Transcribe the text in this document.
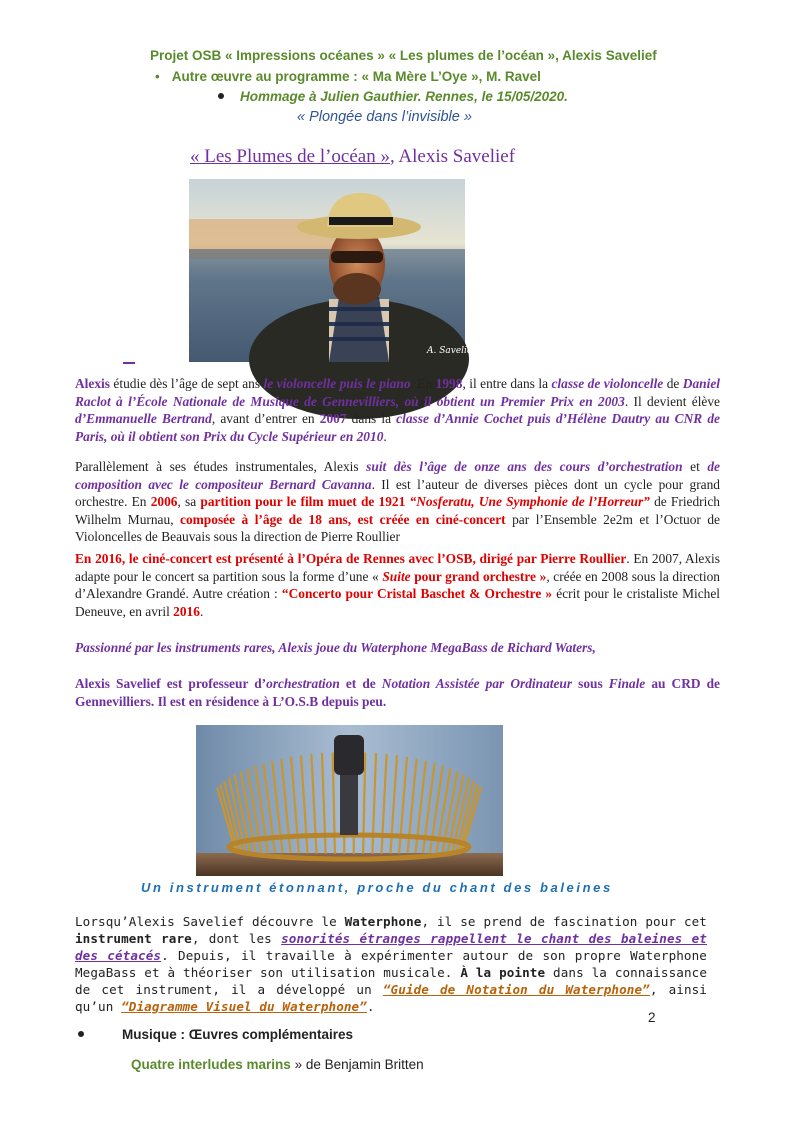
Projet OSB « Impressions océanes » « Les plumes de l’océan », Alexis Savelief
• Autre œuvre au programme : « Ma Mère L’Oye », M. Ravel
Hommage à Julien Gauthier. Rennes, le 15/05/2020.
« Plongée dans l’invisible »
« Les Plumes de l’océan », Alexis Savelief
A. Savelief
Alexis étudie dès l’âge de sept ans le violoncelle puis le piano. En 1998, il entre dans la classe de violoncelle de Daniel Raclot à l’École Nationale de Musique de Gennevilliers, où il obtient un Premier Prix en 2003. Il devient élève d’Emmanuelle Bertrand, avant d’entrer en 2007 dans la classe d’Annie Cochet puis d’Hélène Dautry au CNR de Paris, où il obtient son Prix du Cycle Supérieur en 2010.
Parallèlement à ses études instrumentales, Alexis suit dès l’âge de onze ans des cours d’orchestration et de composition avec le compositeur Bernard Cavanna. Il est l’auteur de diverses pièces dont un cycle pour grand orchestre. En 2006, sa partition pour le film muet de 1921 “Nosferatu, Une Symphonie de l’Horreur” de Friedrich Wilhelm Murnau, composée à l’âge de 18 ans, est créée en ciné-concert par l’Ensemble 2e2m et l’Octuor de Violoncelles de Beauvais sous la direction de Pierre Roullier
En 2016, le ciné-concert est présenté à l’Opéra de Rennes avec l’OSB, dirigé par Pierre Roullier. En 2007, Alexis adapte pour le concert sa partition sous la forme d’une « Suite pour grand orchestre », créée en 2008 sous la direction d’Alexandre Grandé. Autre création : “Concerto pour Cristal Baschet & Orchestre » écrit pour le cristaliste Michel Deneuve, en avril 2016.
Passionné par les instruments rares, Alexis joue du Waterphone MegaBass de Richard Waters,
Alexis Savelief est professeur d’orchestration et de Notation Assistée par Ordinateur sous Finale au CRD de Gennevilliers. Il est en résidence à L’O.S.B depuis peu.
Un instrument étonnant, proche du chant des baleines
Lorsqu’Alexis Savelief découvre le Waterphone, il se prend de fascination pour cet instrument rare, dont les sonorités étranges rappellent le chant des baleines et des cétacés. Depuis, il travaille à expérimenter autour de son propre Waterphone MegaBass et à théoriser son utilisation musicale. À la pointe dans la connaissance de cet instrument, il a développé un “Guide de Notation du Waterphone”, ainsi qu’un “Diagramme Visuel du Waterphone”.
2
Musique : Œuvres complémentaires
Quatre interludes marins » de Benjamin Britten
